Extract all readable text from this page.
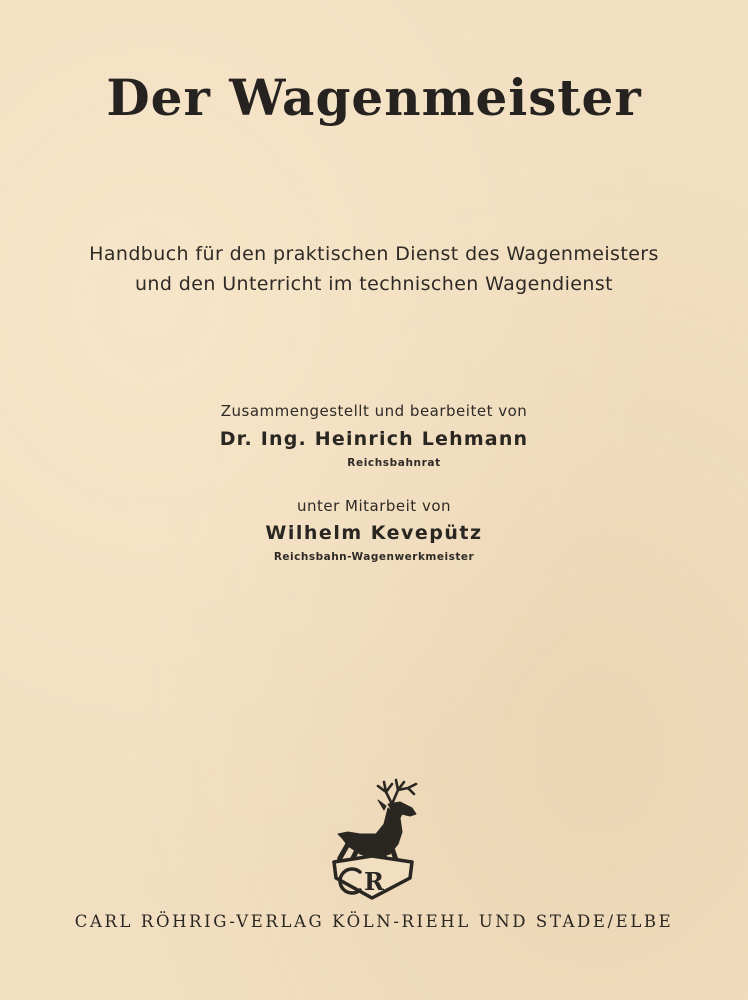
Der Wagenmeister
Handbuch für den praktischen Dienst des Wagenmeisters
und den Unterricht im technischen Wagendienst
Zusammengestellt und bearbeitet von
Dr. Ing. Heinrich Lehmann
Reichsbahnrat
unter Mitarbeit von
Wilhelm Kevepütz
Reichsbahn-Wagenwerkmeister
R
CARL RÖHRIG-VERLAG KÖLN-RIEHL UND STADE/ELBE
